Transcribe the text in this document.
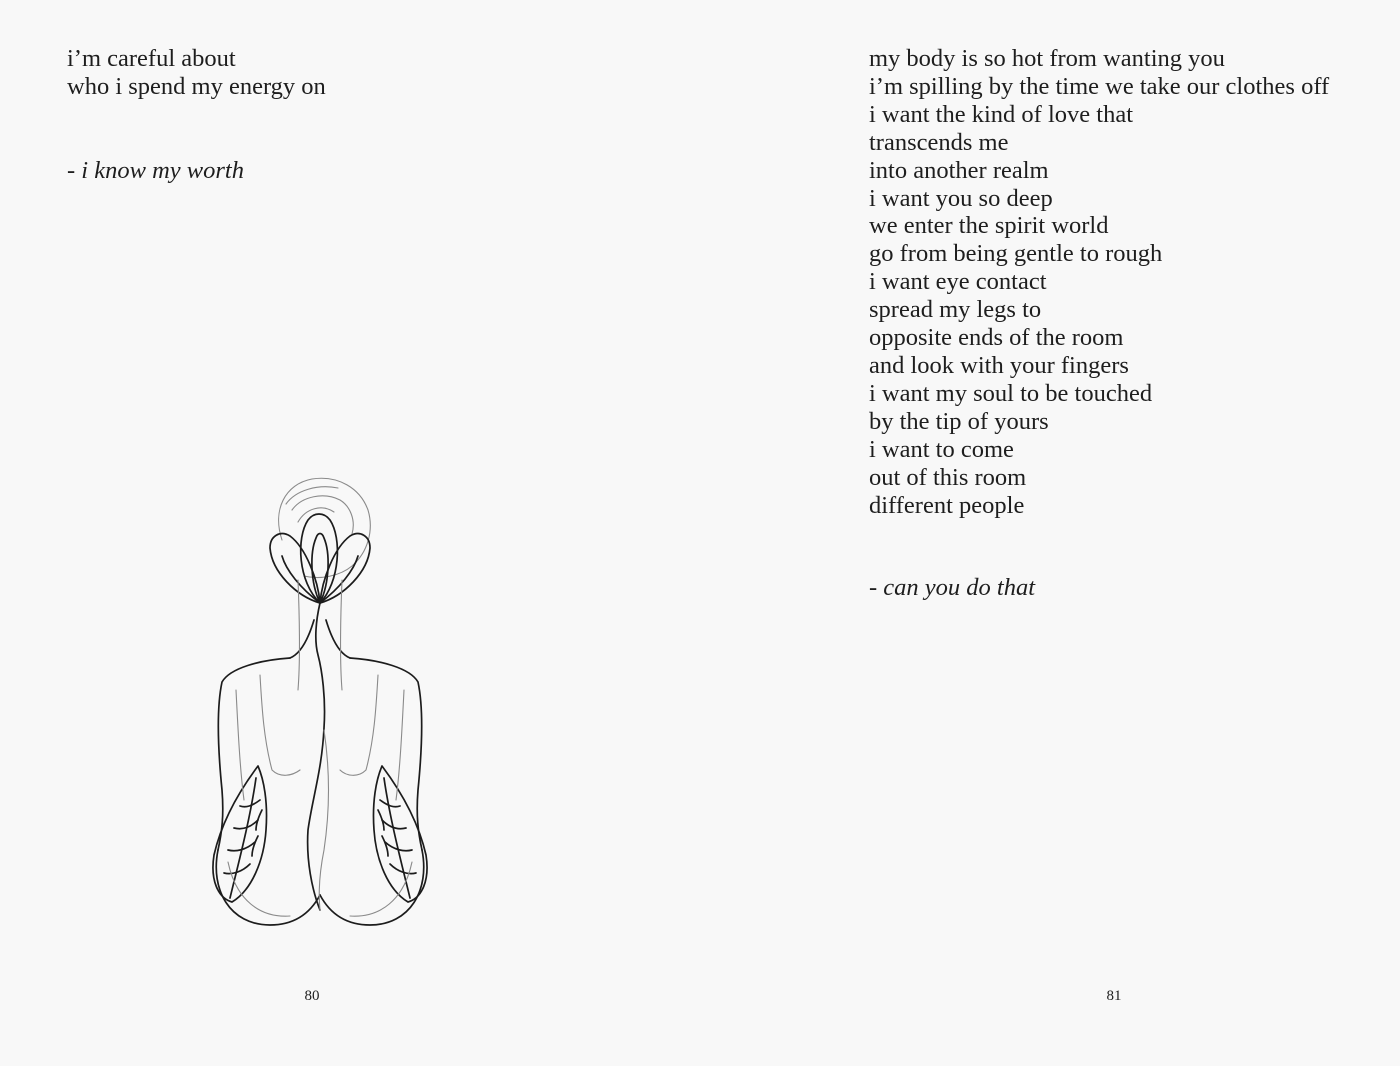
i’m careful about
who i spend my energy on
- i know my worth
80
my body is so hot from wanting you
i’m spilling by the time we take our clothes off
i want the kind of love that
transcends me
into another realm
i want you so deep
we enter the spirit world
go from being gentle to rough
i want eye contact
spread my legs to
opposite ends of the room
and look with your fingers
i want my soul to be touched
by the tip of yours
i want to come
out of this room
different people
- can you do that
81
